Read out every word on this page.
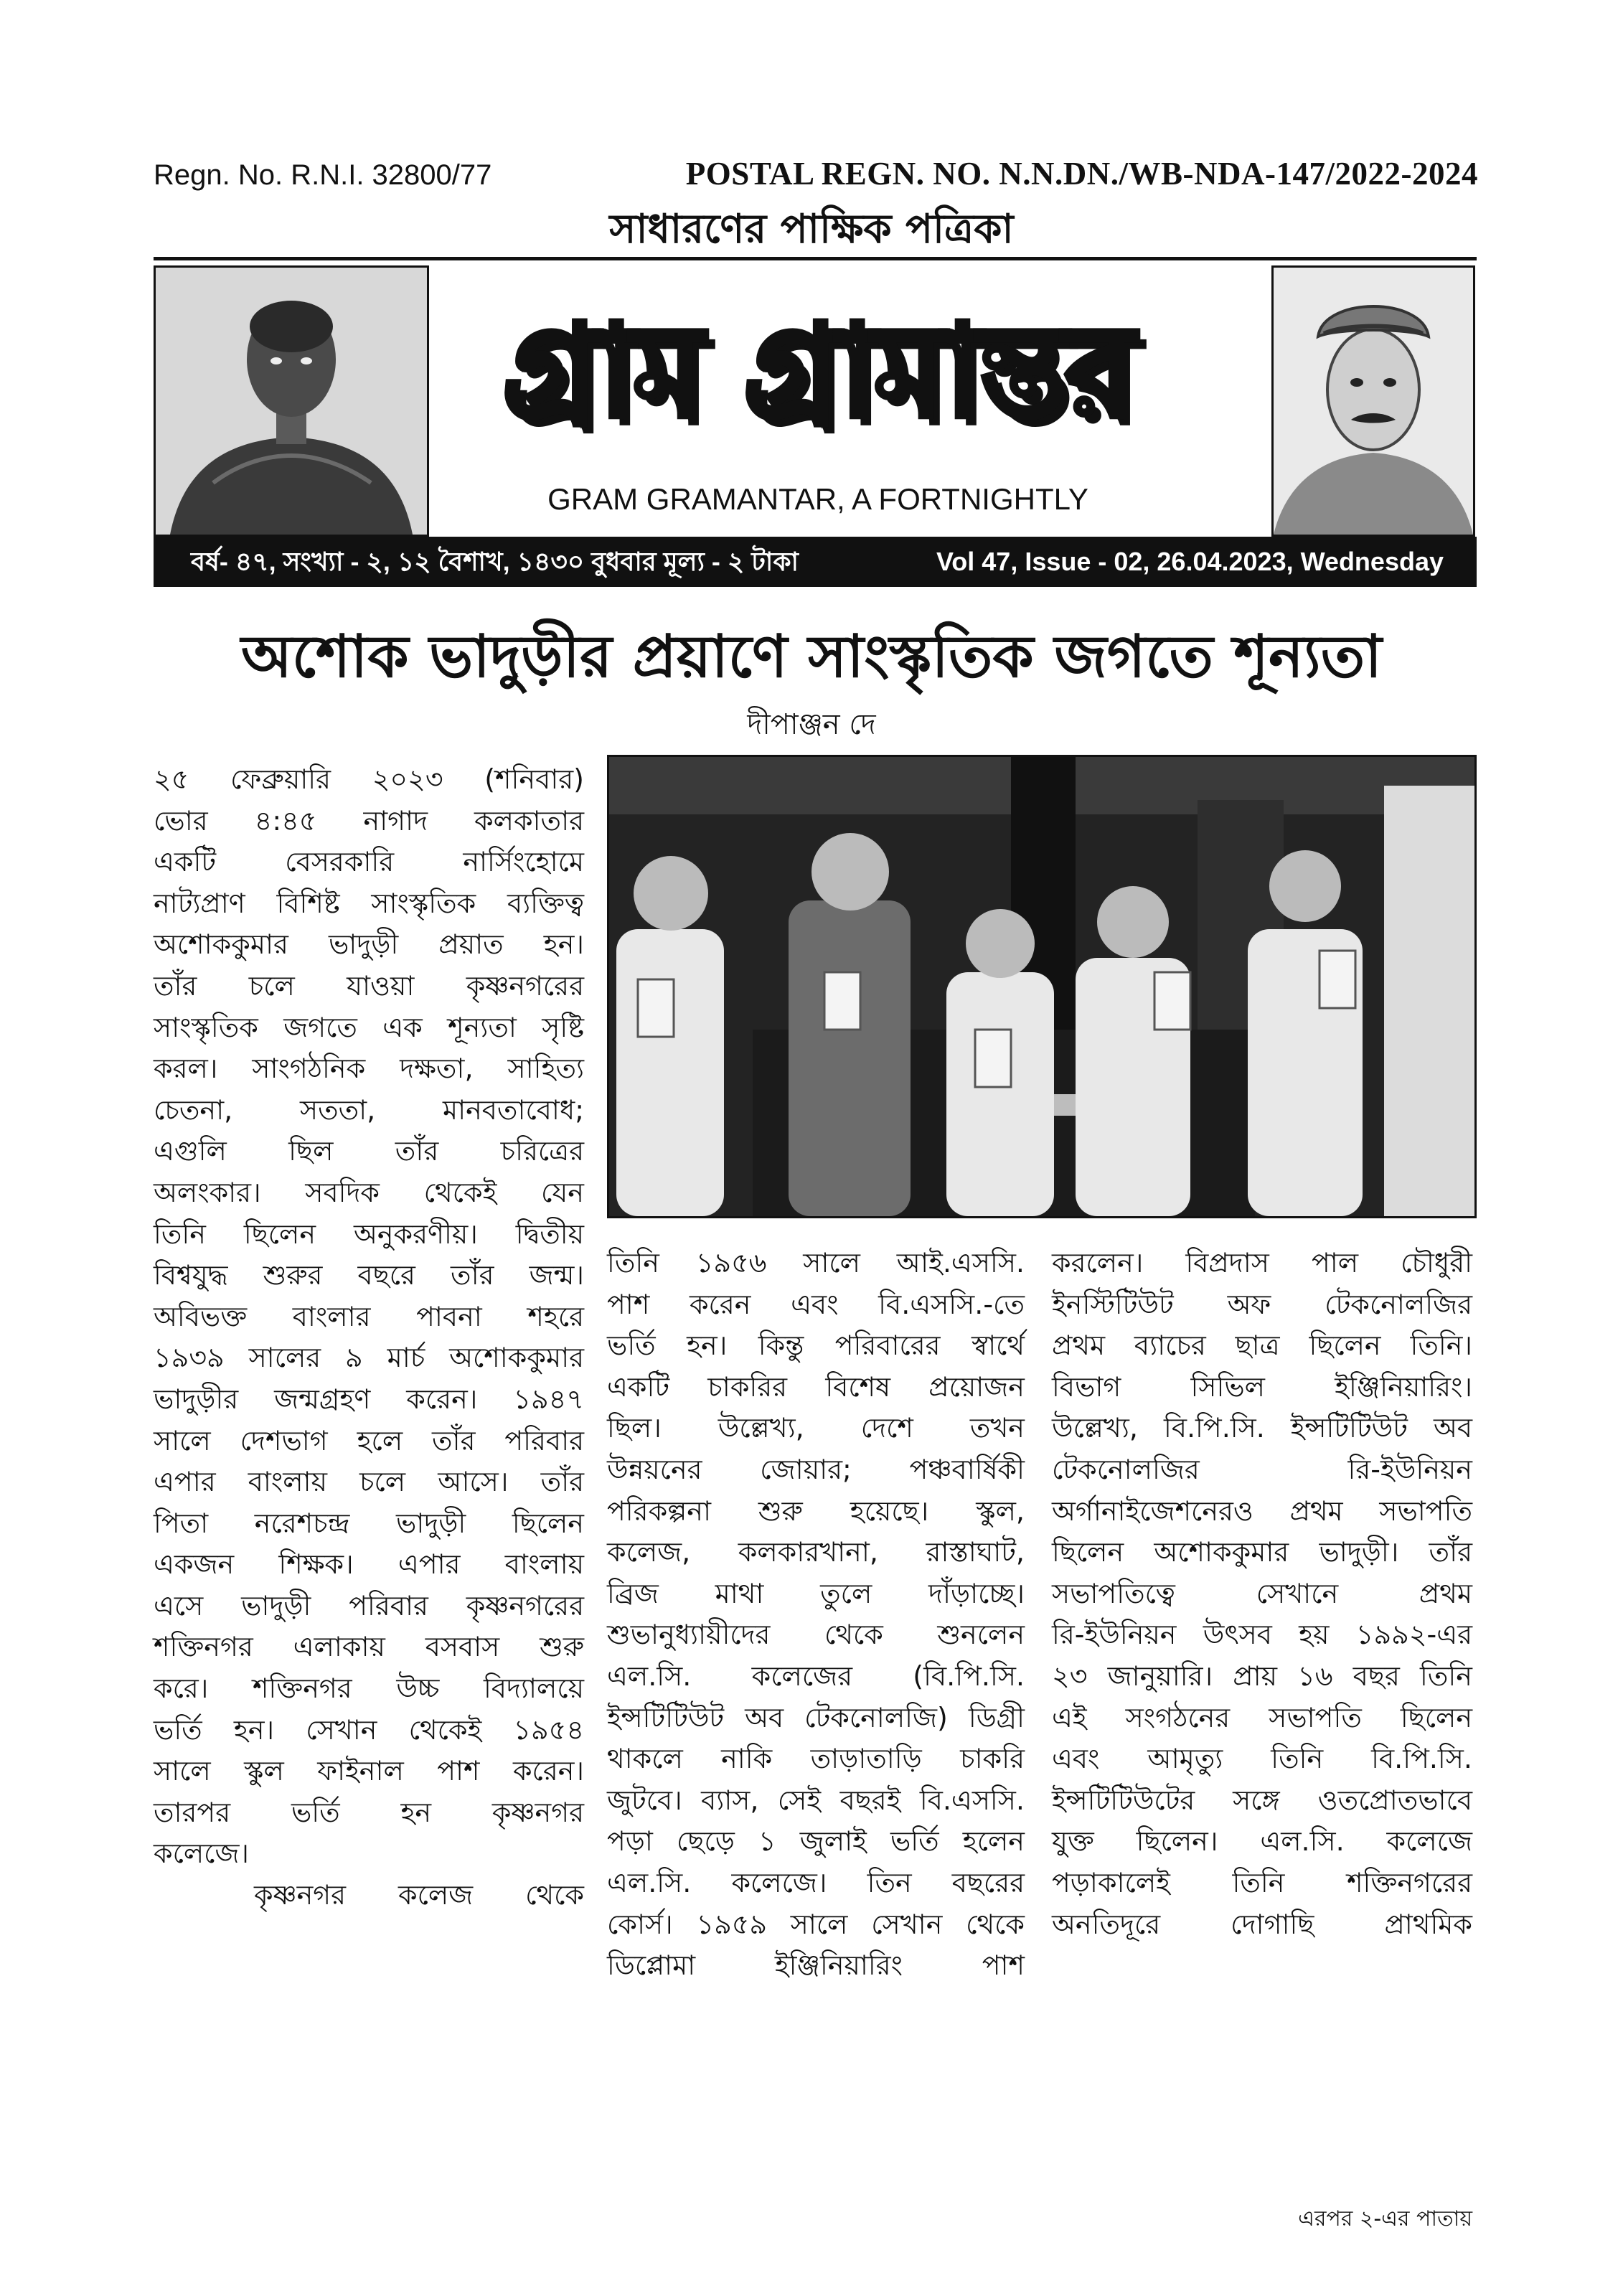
Regn. No. R.N.I. 32800/77	POSTAL REGN. NO. N.N.DN./WB-NDA-147/2022-2024
সাধারণের পাক্ষিক পত্রিকা
গ্রাম গ্রামান্তর
GRAM GRAMANTAR, A FORTNIGHTLY
বর্ষ- ৪৭, সংখ্যা - ২, ১২ বৈশাখ, ১৪৩০ বুধবার মূল্য - ২ টাকা	Vol 47, Issue - 02, 26.04.2023, Wednesday
অশোক ভাদুড়ীর প্রয়াণে সাংস্কৃতিক জগতে শূন্যতা
দীপাঞ্জন দে

২৫ ফেব্রুয়ারি ২০২৩ (শনিবার)

ভোর ৪:৪৫ নাগাদ কলকাতার

একটি বেসরকারি নার্সিংহোমে

নাট্যপ্রাণ বিশিষ্ট সাংস্কৃতিক ব্যক্তিত্ব

অশোককুমার ভাদুড়ী প্রয়াত হন।

তাঁর চলে যাওয়া কৃষ্ণনগরের

সাংস্কৃতিক জগতে এক শূন্যতা সৃষ্টি

করল। সাংগঠনিক দক্ষতা, সাহিত্য

চেতনা, সততা, মানবতাবোধ;

এগুলি ছিল তাঁর চরিত্রের

অলংকার। সবদিক থেকেই যেন

তিনি ছিলেন অনুকরণীয়। দ্বিতীয়

বিশ্বযুদ্ধ শুরুর বছরে তাঁর জন্ম।

অবিভক্ত বাংলার পাবনা শহরে

১৯৩৯ সালের ৯ মার্চ অশোককুমার

ভাদুড়ীর জন্মগ্রহণ করেন। ১৯৪৭

সালে দেশভাগ হলে তাঁর পরিবার

এপার বাংলায় চলে আসে। তাঁর

পিতা নরেশচন্দ্র ভাদুড়ী ছিলেন

একজন শিক্ষক। এপার বাংলায়

এসে ভাদুড়ী পরিবার কৃষ্ণনগরের

শক্তিনগর এলাকায় বসবাস শুরু

করে। শক্তিনগর উচ্চ বিদ্যালয়ে

ভর্তি হন। সেখান থেকেই ১৯৫৪

সালে স্কুল ফাইনাল পাশ করেন।

তারপর ভর্তি হন কৃষ্ণনগর

কলেজে।

কৃষ্ণনগর কলেজ থেকে

তিনি ১৯৫৬ সালে আই.এসসি.

পাশ করেন এবং বি.এসসি.-তে

ভর্তি হন। কিন্তু পরিবারের স্বার্থে

একটি চাকরির বিশেষ প্রয়োজন

ছিল। উল্লেখ্য, দেশে তখন

উন্নয়নের জোয়ার; পঞ্চবার্ষিকী

পরিকল্পনা শুরু হয়েছে। স্কুল,

কলেজ, কলকারখানা, রাস্তাঘাট,

ব্রিজ মাথা তুলে দাঁড়াচ্ছে।

শুভানুধ্যায়ীদের থেকে শুনলেন

এল.সি. কলেজের (বি.পি.সি.

ইন্সটিটিউট অব টেকনোলজি) ডিগ্রী

থাকলে নাকি তাড়াতাড়ি চাকরি

জুটবে। ব্যাস, সেই বছরই বি.এসসি.

পড়া ছেড়ে ১ জুলাই ভর্তি হলেন

এল.সি. কলেজে। তিন বছরের

কোর্স। ১৯৫৯ সালে সেখান থেকে

ডিপ্লোমা ইঞ্জিনিয়ারিং পাশ

করলেন। বিপ্রদাস পাল চৌধুরী

ইনস্টিটিউট অফ টেকনোলজির

প্রথম ব্যাচের ছাত্র ছিলেন তিনি।

বিভাগ সিভিল ইঞ্জিনিয়ারিং।

উল্লেখ্য, বি.পি.সি. ইন্সটিটিউট অব

টেকনোলজির রি-ইউনিয়ন

অর্গানাইজেশনেরও প্রথম সভাপতি

ছিলেন অশোককুমার ভাদুড়ী। তাঁর

সভাপতিত্বে সেখানে প্রথম

রি-ইউনিয়ন উৎসব হয় ১৯৯২-এর

২৩ জানুয়ারি। প্রায় ১৬ বছর তিনি

এই সংগঠনের সভাপতি ছিলেন

এবং আমৃত্যু তিনি বি.পি.সি.

ইন্সটিটিউটের সঙ্গে ওতপ্রোতভাবে

যুক্ত ছিলেন। এল.সি. কলেজে

পড়াকালেই তিনি শক্তিনগরের

অনতিদূরে দোগাছি প্রাথমিক

এরপর ২-এর পাতায়
